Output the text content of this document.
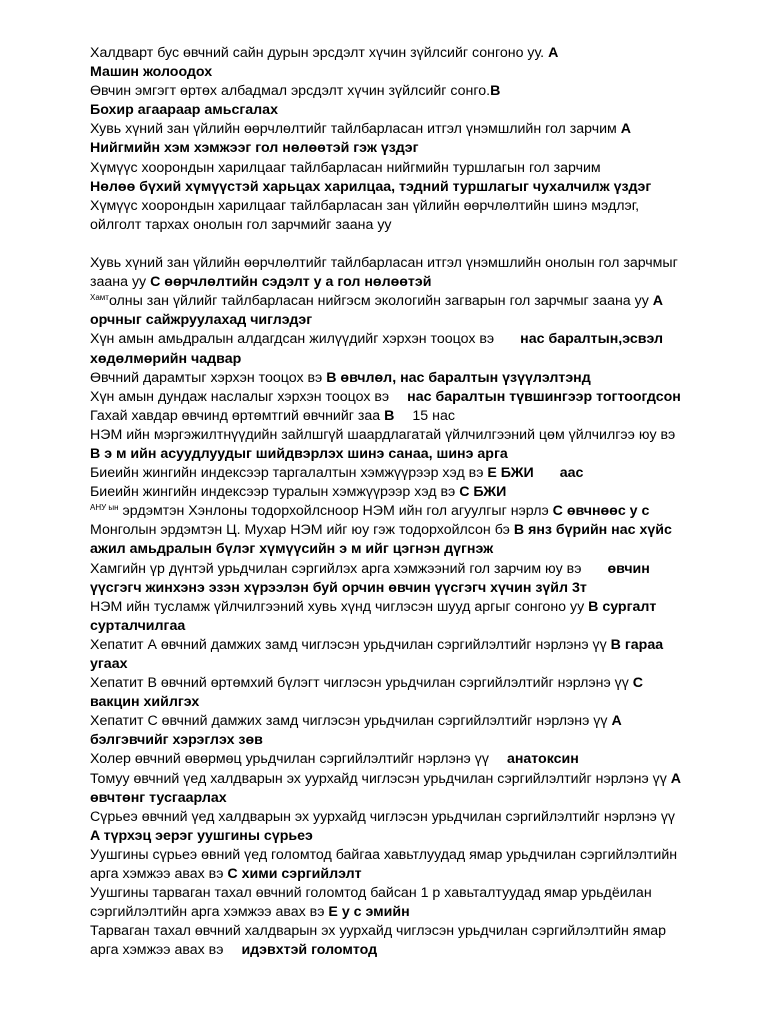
Халдварт бус өвчний сайн дурын эрсдэлт хүчин зүйлсийг сонгоно уу. A

Машин жолоодох

Өвчин эмгэгт өртөх албадмал эрсдэлт хүчин зүйлсийг сонго.B

Бохир агаараар амьсгалах

Хувь хүний зан үйлийн өөрчлөлтийг тайлбарласан итгэл үнэмшлийн гол зарчим A

Нийгмийн хэм хэмжээг гол нөлөөтэй гэж үздэг

Хүмүүс хоорондын харилцааг тайлбарласан нийгмийн туршлагын гол зарчим

Нөлөө бүхий хүмүүстэй харьцах харилцаа, тэдний туршлагыг чухалчилж үздэг

Хүмүүс хоорондын харилцааг тайлбарласан зан үйлийн өөрчлөлтийн шинэ мэдлэг,

ойлголт тархах онолын гол зарчмийг заана уу

Хувь хүний зан үйлийн өөрчлөлтийг тайлбарласан итгэл үнэмшлийн онолын гол зарчмыг

заана уу C өөрчлөлтийн сэдэлт у а гол нөлөөтэй

$^{Хамт}$олны зан үйлийг тайлбарласан нийгэсм экологийн загварын гол зарчмыг заана уу A

орчныг сайжруулахад чиглэдэг

Хүн амын амьдралын алдагдсан жилүүдийг хэрхэн тооцох вэ нас баралтын,эсвэл

хөдөлмөрийн чадвар

Өвчний дарамтыг хэрхэн тооцох вэ B өвчлөл, нас баралтын үзүүлэлтэнд

Хүн амын дундаж наслалыг хэрхэн тооцох вэ нас баралтын түвшингээр тогтоогдсон

Гахай хавдар өвчинд өртөмтгий өвчнийг заа B 15 нас

НЭМ ийн мэргэжилтнүүдийн зайлшгүй шаардлагатай үйлчилгээний цөм үйлчилгээ юу вэ

B э м ийн асуудлуудыг шийдвэрлэх шинэ санаа, шинэ арга

Биеийн жингийн индексээр таргалалтын хэмжүүрээр хэд вэ E БЖИ аас

Биеийн жингийн индексээр туралын хэмжүүрээр хэд вэ C БЖИ

$^{АНУ ын}$ эрдэмтэн Хэнлоны тодорхойлсноор НЭМ ийн гол агуулгыг нэрлэ C өвчнөөс у с

Монголын эрдэмтэн Ц. Мухар НЭМ ийг юу гэж тодорхойлсон бэ B янз бүрийн нас хүйс

ажил амьдралын бүлэг хүмүүсийн э м ийг цэгнэн дүгнэж

Хамгийн үр дүнтэй урьдчилан сэргийлэх арга хэмжээний гол зарчим юу вэ өвчин

үүсгэгч жинхэнэ эзэн хүрээлэн буй орчин өвчин үүсгэгч хүчин зүйл 3т

НЭМ ийн тусламж үйлчилгээний хувь хүнд чиглэсэн шууд аргыг сонгоно уу B сургалт

сурталчилгаа

Хепатит А өвчний дамжих замд чиглэсэн урьдчилан сэргийлэлтийг нэрлэнэ үү B гараа

угаах

Хепатит В өвчний өртөмхий бүлэгт чиглэсэн урьдчилан сэргийлэлтийг нэрлэнэ үү C

вакцин хийлгэх

Хепатит С өвчний дамжих замд чиглэсэн урьдчилан сэргийлэлтийг нэрлэнэ үү A

бэлгэвчийг хэрэглэх зөв

Холер өвчний өвөрмөц урьдчилан сэргийлэлтийг нэрлэнэ үү анатоксин

Томуу өвчний үед халдварын эх уурхайд чиглэсэн урьдчилан сэргийлэлтийг нэрлэнэ үү A

өвчтөнг тусгаарлах

Сүрьеэ өвчний үед халдварын эх уурхайд чиглэсэн урьдчилан сэргийлэлтийг нэрлэнэ үү

A түрхэц эерэг уушгины сүрьеэ

Уушгины сүрьеэ өвний үед голомтод байгаа хавьтлуудад ямар урьдчилан сэргийлэлтийн

арга хэмжээ авах вэ C хими сэргийлэлт

Уушгины тарваган тахал өвчний голомтод байсан 1 р хавьталтуудад ямар урьдёилан

сэргийлэлтийн арга хэмжээ авах вэ E у с эмийн

Тарваган тахал өвчний халдварын эх уурхайд чиглэсэн урьдчилан сэргийлэлтийн ямар

арга хэмжээ авах вэ идэвхтэй голомтод
